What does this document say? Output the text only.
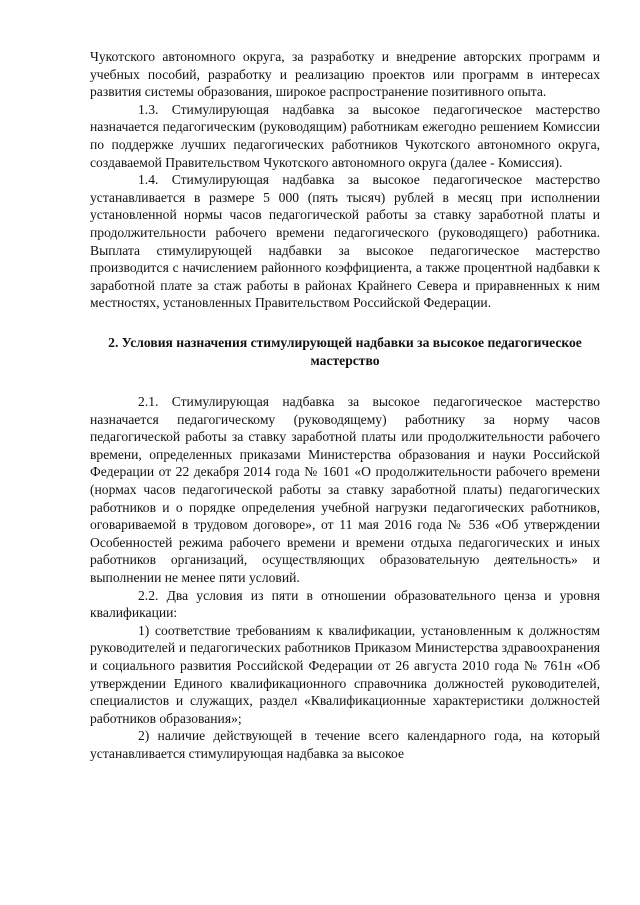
Чукотского автономного округа, за разработку и внедрение авторских программ и учебных пособий, разработку и реализацию проектов или программ в интересах развития системы образования, широкое распространение позитивного опыта.

1.3. Стимулирующая надбавка за высокое педагогическое мастерство назначается педагогическим (руководящим) работникам ежегодно решением Комиссии по поддержке лучших педагогических работников Чукотского автономного округа, создаваемой Правительством Чукотского автономного округа (далее - Комиссия).

1.4. Стимулирующая надбавка за высокое педагогическое мастерство устанавливается в размере 5 000 (пять тысяч) рублей в месяц при исполнении установленной нормы часов педагогической работы за ставку заработной платы и продолжительности рабочего времени педагогического (руководящего) работника. Выплата стимулирующей надбавки за высокое педагогическое мастерство производится с начислением районного коэффициента, а также процентной надбавки к заработной плате за стаж работы в районах Крайнего Севера и приравненных к ним местностях, установленных Правительством Российской Федерации.

2. Условия назначения стимулирующей надбавки за высокое педагогическое мастерство

2.1. Стимулирующая надбавка за высокое педагогическое мастерство назначается педагогическому (руководящему) работнику за норму часов педагогической работы за ставку заработной платы или продолжительности рабочего времени, определенных приказами Министерства образования и науки Российской Федерации от 22 декабря 2014 года № 1601 «О продолжительности рабочего времени (нормах часов педагогической работы за ставку заработной платы) педагогических работников и о порядке определения учебной нагрузки педагогических работников, оговариваемой в трудовом договоре», от 11 мая 2016 года № 536 «Об утверждении Особенностей режима рабочего времени и времени отдыха педагогических и иных работников организаций, осуществляющих образовательную деятельность» и выполнении не менее пяти условий.

2.2. Два условия из пяти в отношении образовательного ценза и уровня квалификации:

1) соответствие требованиям к квалификации, установленным к должностям руководителей и педагогических работников Приказом Министерства здравоохранения и социального развития Российской Федерации от 26 августа 2010 года № 761н «Об утверждении Единого квалификационного справочника должностей руководителей, специалистов и служащих, раздел «Квалификационные характеристики должностей работников образования»;

2) наличие действующей в течение всего календарного года, на который устанавливается стимулирующая надбавка за высокое
